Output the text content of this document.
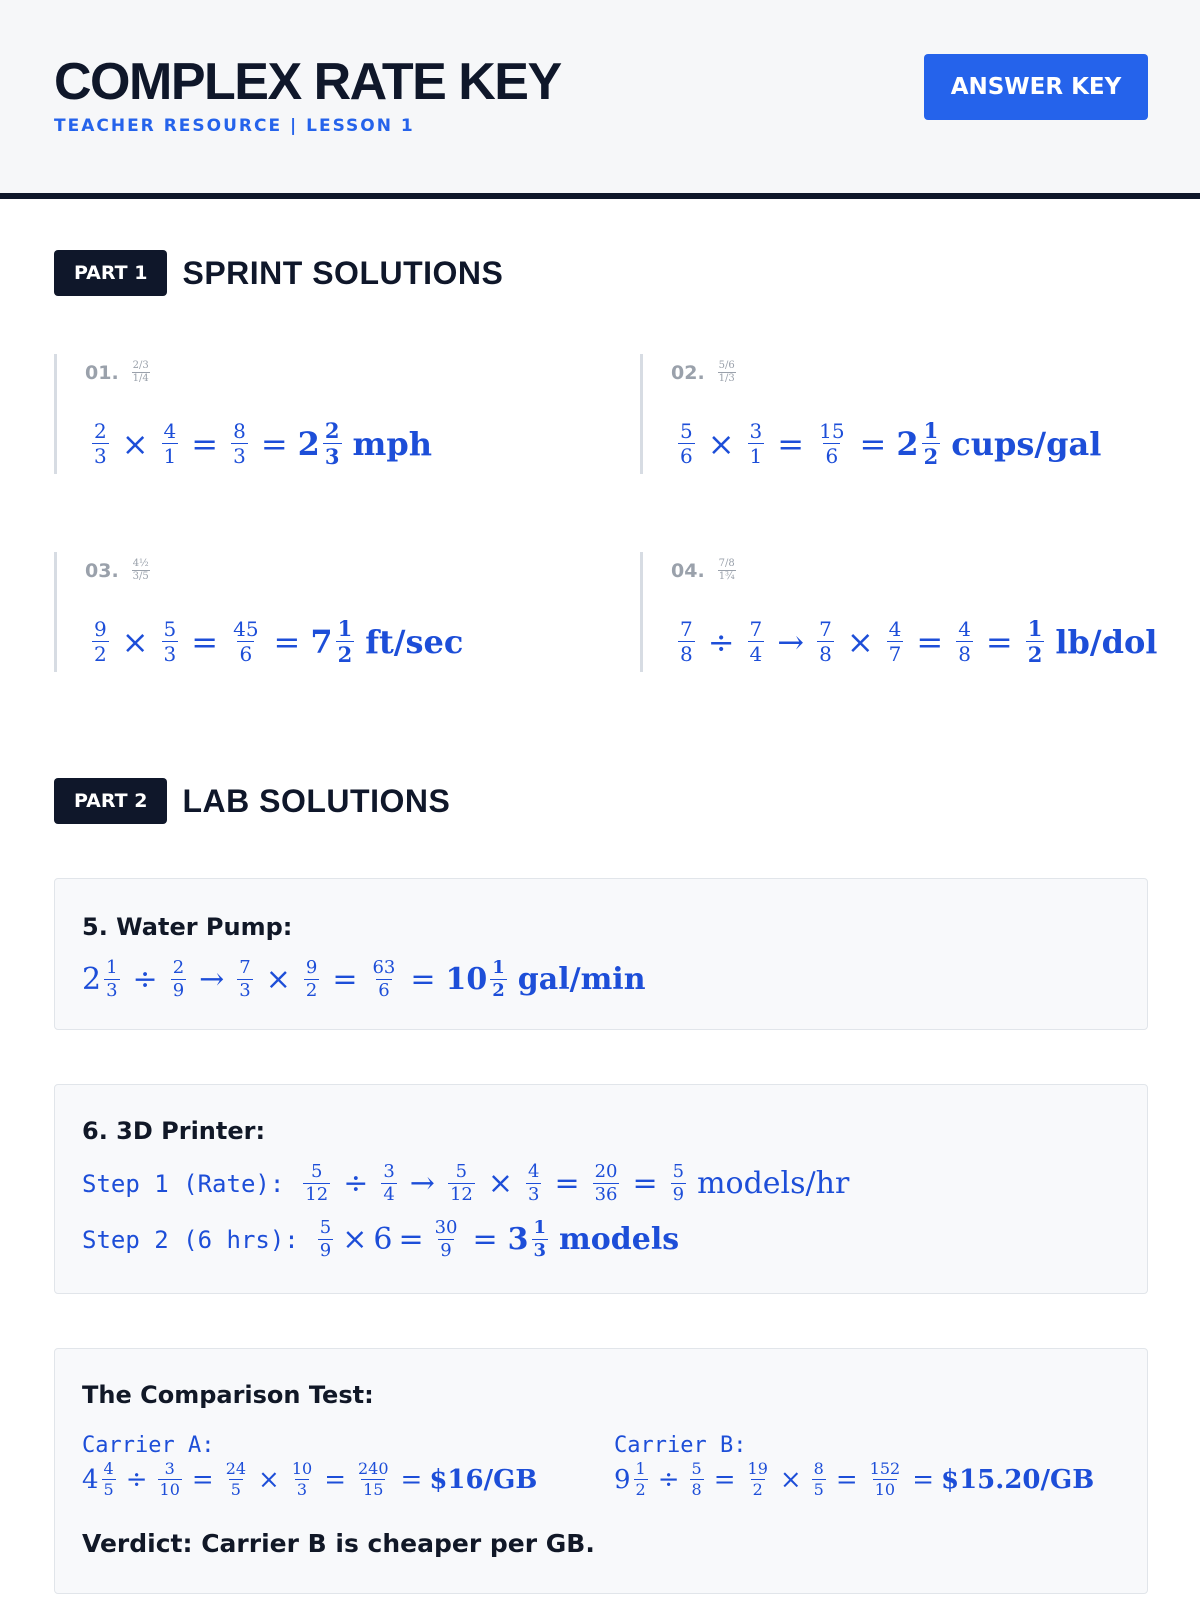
COMPLEX RATE KEY
TEACHER RESOURCE | LESSON 1
ANSWER KEY
PART 1	SPRINT SOLUTIONS
01. $\frac{2/3}{1/4}$
$\frac{2}{3} \times \frac{4}{1} = \frac{8}{3} = 2 \frac{2}{3}$ mph
02. $\frac{5/6}{1/3}$
$\frac{5}{6} \times \frac{3}{1} = \frac{15}{6} = 2 \frac{1}{2}$ cups/gal
03. $\frac{\text{4½}}{3/5}$
$\frac{9}{2} \times \frac{5}{3} = \frac{45}{6} = 7 \frac{1}{2} ft/\sec$
04. $\frac{7/8}{\text{1¾}}$
$\frac{7}{8} \div \frac{7}{4} \to \frac{7}{8} \times \frac{4}{7} = \frac{4}{8} = \frac{1}{2} lb/dol$
PART 2	LAB SOLUTIONS
5. Water Pump:
$2 \frac{1}{3} \div \frac{2}{9} \to \frac{7}{3} \times \frac{9}{2} = \frac{63}{6} = 10 \frac{1}{2} gal/\min$
6. 3D Printer:
Step 1 (Rate): $\frac{5}{12} \div \frac{3}{4} \to \frac{5}{12} \times \frac{4}{3} = \frac{20}{36} = \frac{5}{9}$ models/hr
Step 2 (6 hrs): $\frac{5}{9} \times 6 = \frac{30}{9} = 3 \frac{1}{3}$ models
The Comparison Test:
Carrier A:
$4 \frac{4}{5} \div \frac{3}{10} = \frac{24}{5} \times \frac{10}{3} = \frac{240}{15}$ = $16/GB
Carrier B:
$9 \frac{1}{2} \div \frac{5}{8} = \frac{19}{2} \times \frac{8}{5} = \frac{152}{10}$ = $15.20/GB
Verdict: Carrier B is cheaper per GB.
